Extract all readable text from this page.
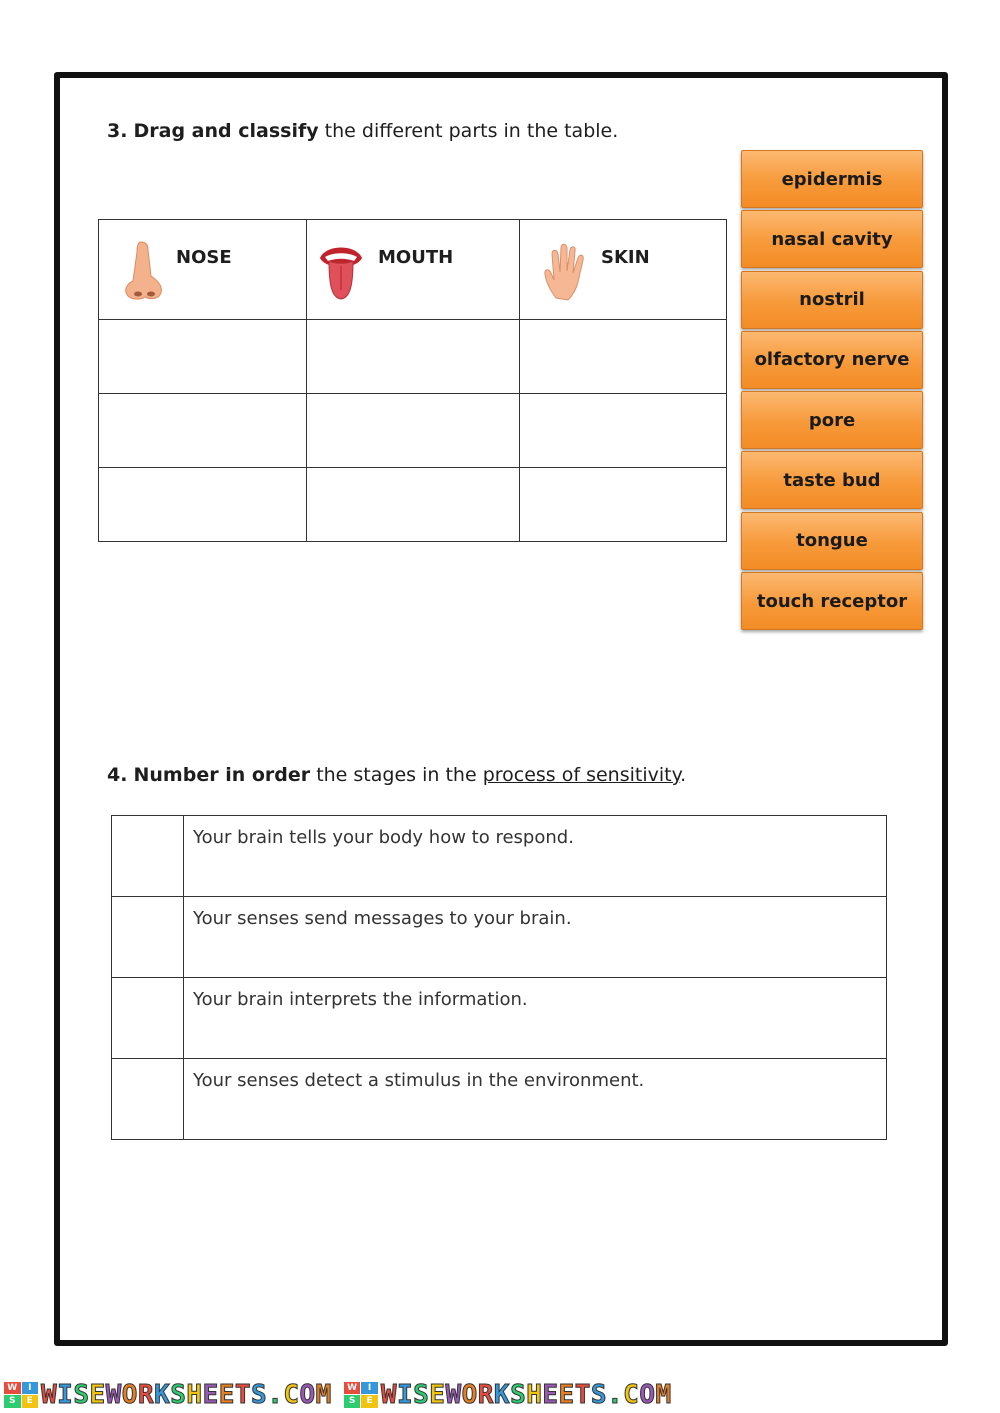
3. Drag and classify the different parts in the table.
NOSE	MOUTH	SKIN

epidermis
nasal cavity
nostril
olfactory nerve
pore
taste bud
tongue
touch receptor
4. Number in order the stages in the process of sensitivity.
	Your brain tells your body how to respond.
	Your senses send messages to your brain.
	Your brain interprets the information.
	Your senses detect a stimulus in the environment.
W	I
S	E WISEWORKSHEETS.COM	W	I
S	E WISEWORKSHEETS.COM
